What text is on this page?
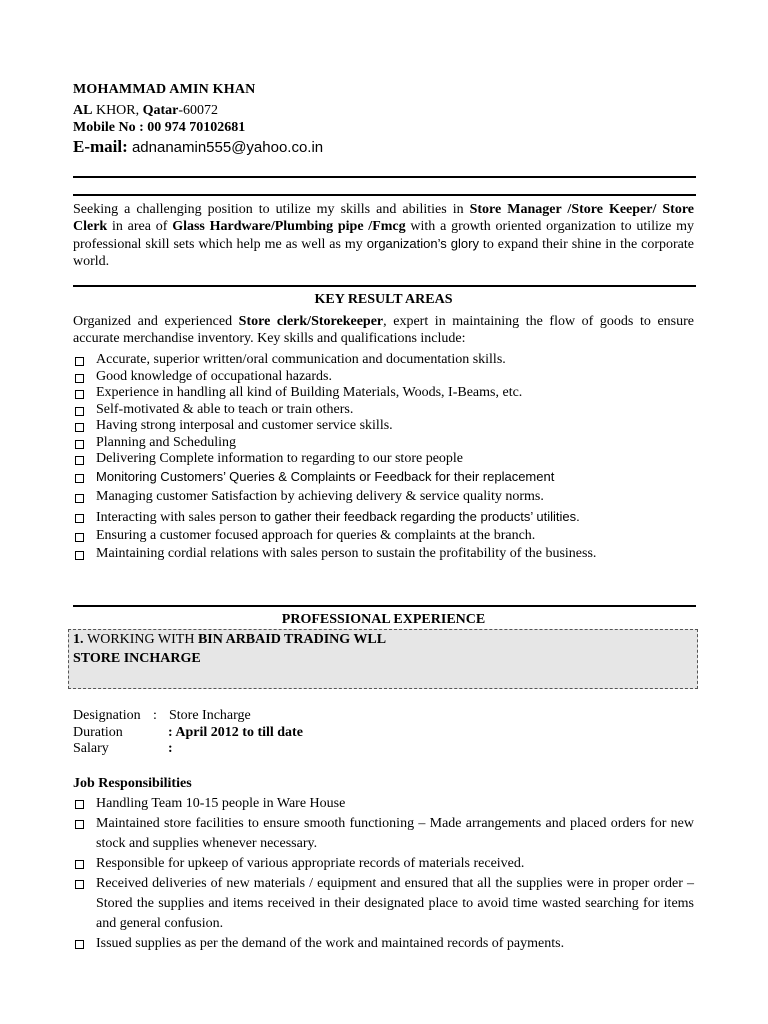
MOHAMMAD AMIN KHAN
AL KHOR, Qatar-60072
Mobile No : 00 974 70102681
E-mail: adnanamin555@yahoo.co.in
Seeking a challenging position to utilize my skills and abilities in Store Manager /Store Keeper/ Store Clerk in area of Glass Hardware/Plumbing pipe /Fmcg with a growth oriented organization to utilize my professional skill sets which help me as well as my organization’s glory to expand their shine in the corporate world.
KEY RESULT AREAS
Organized and experienced Store clerk/Storekeeper, expert in maintaining the flow of goods to ensure accurate merchandise inventory. Key skills and qualifications include:
Accurate, superior written/oral communication and documentation skills.
Good knowledge of occupational hazards.
Experience in handling all kind of Building Materials, Woods, I-Beams, etc.
Self-motivated & able to teach or train others.
Having strong interposal and customer service skills.
Planning and Scheduling
Delivering Complete information to regarding to our store people
Monitoring Customers’ Queries & Complaints or Feedback for their replacement
Managing customer Satisfaction by achieving delivery & service quality norms.
Interacting with sales person to gather their feedback regarding the products’ utilities.
Ensuring a customer focused approach for queries & complaints at the branch.
Maintaining cordial relations with sales person to sustain the profitability of the business.
PROFESSIONAL EXPERIENCE
1. WORKING WITH BIN ARBAID TRADING WLL
STORE INCHARGE
Designation : Store Incharge
Duration	: April 2012 to till date
Salary	:
Job Responsibilities
Handling Team 10-15 people in Ware House
Maintained store facilities to ensure smooth functioning – Made arrangements and placed orders for new stock and supplies whenever necessary.
Responsible for upkeep of various appropriate records of materials received.
Received deliveries of new materials / equipment and ensured that all the supplies were in proper order – Stored the supplies and items received in their designated place to avoid time wasted searching for items and general confusion.
Issued supplies as per the demand of the work and maintained records of payments.
